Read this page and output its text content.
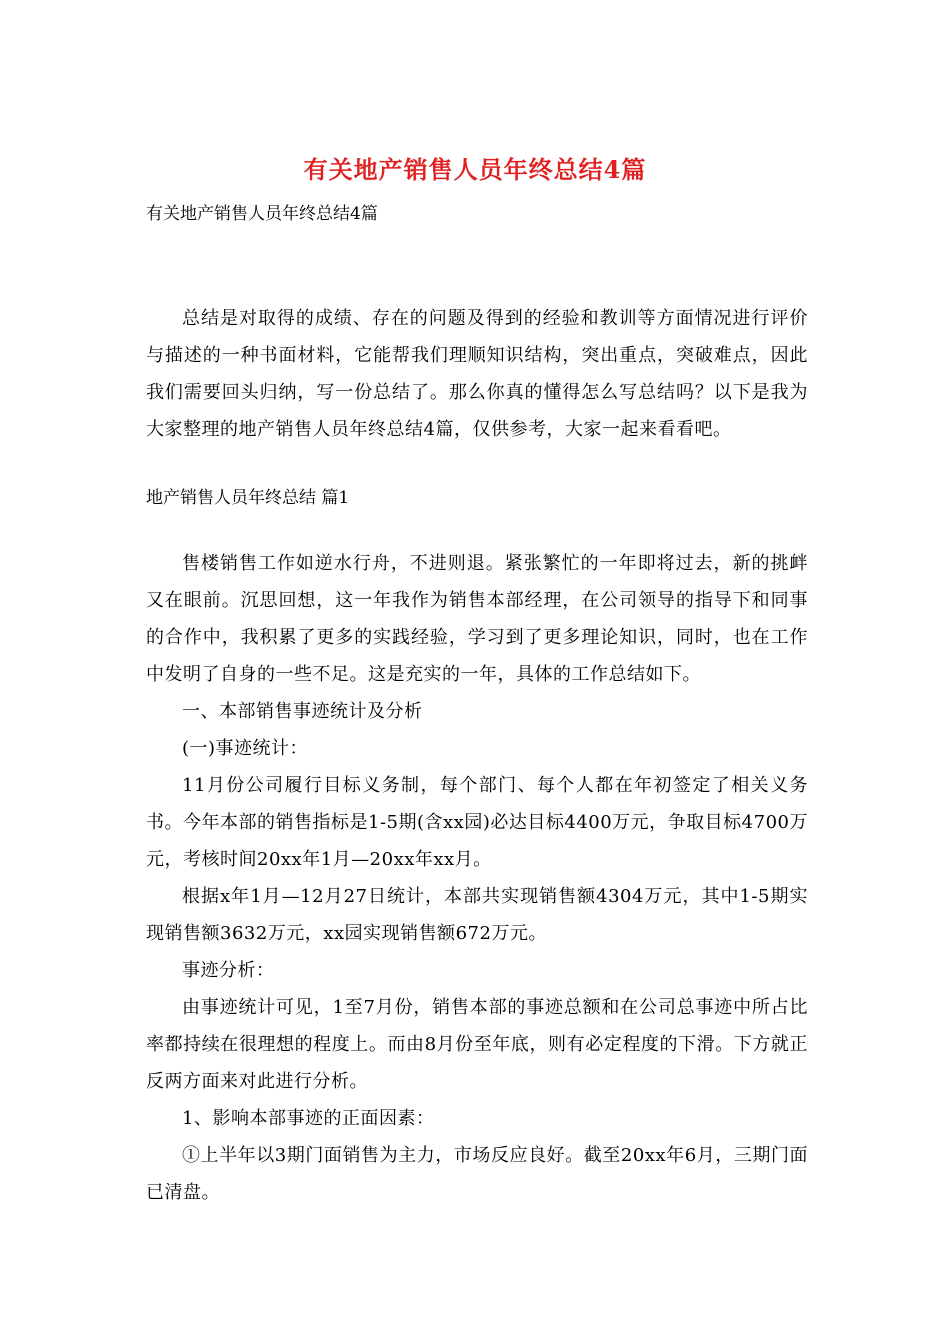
有关地产销售人员年终总结4篇
有关地产销售人员年终总结4篇

总结是对取得的成绩、存在的问题及得到的经验和教训等方面情况进行评价与描述的一种书面材料，它能帮我们理顺知识结构，突出重点，突破难点，因此我们需要回头归纳，写一份总结了。那么你真的懂得怎么写总结吗？以下是我为大家整理的地产销售人员年终总结4篇，仅供参考，大家一起来看看吧。

地产销售人员年终总结 篇1

售楼销售工作如逆水行舟，不进则退。紧张繁忙的一年即将过去，新的挑衅又在眼前。沉思回想，这一年我作为销售本部经理，在公司领导的指导下和同事的合作中，我积累了更多的实践经验，学习到了更多理论知识，同时，也在工作中发明了自身的一些不足。这是充实的一年，具体的工作总结如下。

一、本部销售事迹统计及分析

(一)事迹统计：

11月份公司履行目标义务制，每个部门、每个人都在年初签定了相关义务书。今年本部的销售指标是1-5期(含xx园)必达目标4400万元，争取目标4700万元，考核时间20xx年1月—20xx年xx月。

根据x年1月—12月27日统计，本部共实现销售额4304万元，其中1-5期实现销售额3632万元，xx园实现销售额672万元。

事迹分析：

由事迹统计可见，1至7月份，销售本部的事迹总额和在公司总事迹中所占比率都持续在很理想的程度上。而由8月份至年底，则有必定程度的下滑。下方就正反两方面来对此进行分析。

1、影响本部事迹的正面因素：

①上半年以3期门面销售为主力，市场反应良好。截至20xx年6月，三期门面已清盘。
